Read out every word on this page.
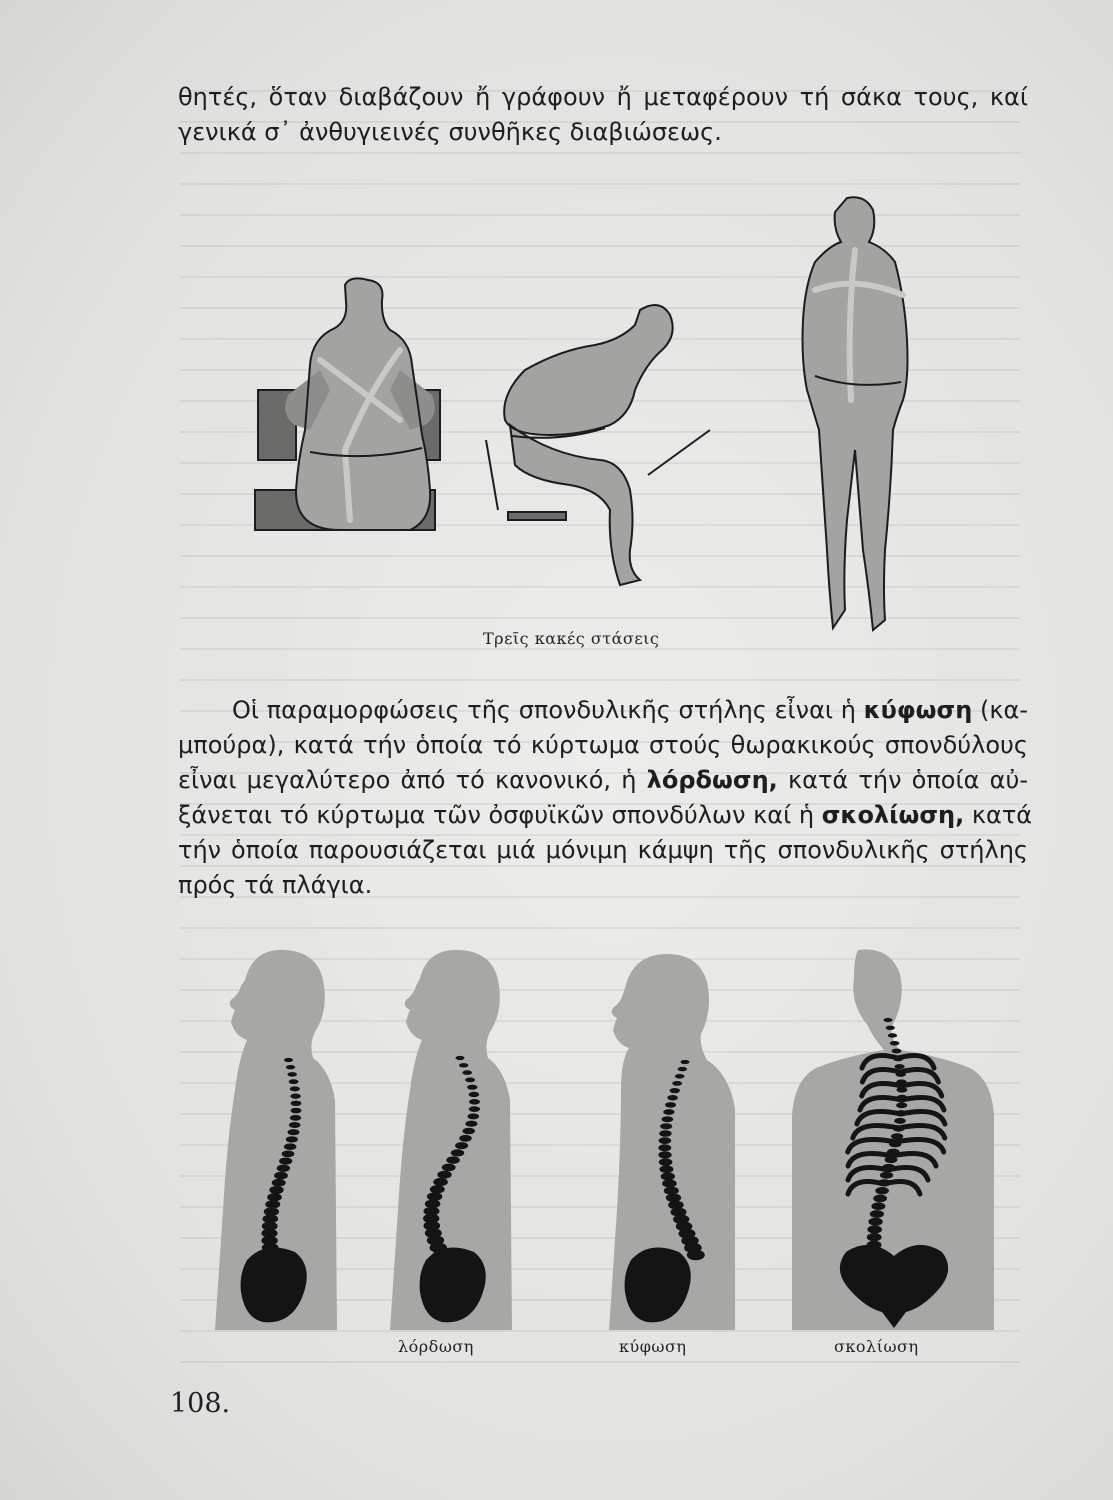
θητές, ὅταν διαβάζουν ἤ γράφουν ἤ μεταφέρουν τή σάκα τους, καί
γενικά σ᾽ ἀνθυγιεινές συνθῆκες διαβιώσεως.

Τρεῖς κακές στάσεις

Οἱ παραμορφώσεις τῆς σπονδυλικῆς στήλης εἶναι ἡ κύφωση (κα-
μπούρα), κατά τήν ὁποία τό κύρτωμα στούς θωρακικούς σπονδύλους
εἶναι μεγαλύτερο ἀπό τό κανονικό, ἡ λόρδωση, κατά τήν ὁποία αὐ-
ξάνεται τό κύρτωμα τῶν ὀσφυϊκῶν σπονδύλων καί ἡ σκολίωση, κατά
τήν ὁποία παρουσιάζεται μιά μόνιμη κάμψη τῆς σπονδυλικῆς στήλης
πρός τά πλάγια.

λόρδωση	κύφωση	σκολίωση
108.
